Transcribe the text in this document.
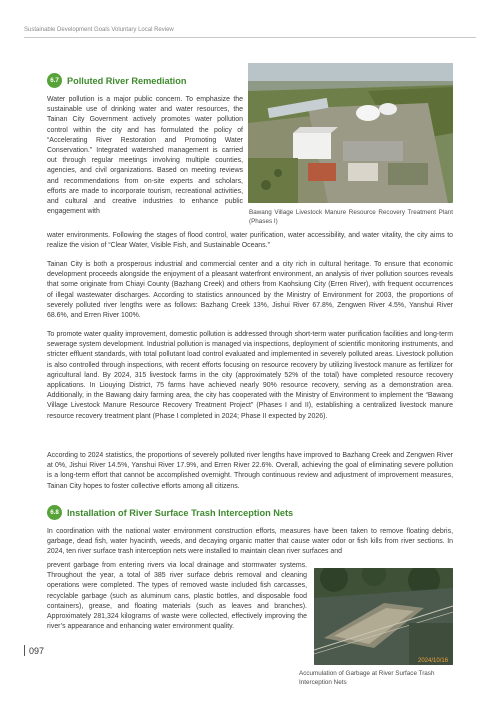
Sustainable Development Goals Voluntary Local Review
6.7 Polluted River Remediation

Water pollution is a major public concern. To emphasize the sustainable use of drinking water and water resources, the Tainan City Government actively promotes water pollution control within the city and has formulated the policy of “Accelerating River Restoration and Promoting Water Conservation.” Integrated watershed management is carried out through regular meetings involving multiple counties, agencies, and civil organizations. Based on meeting reviews and recommendations from on-site experts and scholars, efforts are made to incorporate tourism, recreational activities, and cultural and creative industries to enhance public engagement with	Bawang Village Livestock Manure Resource Recovery Treatment Plant (Phases I)

water environments. Following the stages of flood control, water purification, water accessibility, and water vitality, the city aims to realize the vision of “Clear Water, Visible Fish, and Sustainable Oceans.”

Tainan City is both a prosperous industrial and commercial center and a city rich in cultural heritage. To ensure that economic development proceeds alongside the enjoyment of a pleasant waterfront environment, an analysis of river pollution sources reveals that some originate from Chiayi County (Bazhang Creek) and others from Kaohsiung City (Erren River), with frequent occurrences of illegal wastewater discharges. According to statistics announced by the Ministry of Environment for 2003, the proportions of severely polluted river lengths were as follows: Bazhang Creek 13%, Jishui River 67.8%, Zengwen River 4.5%, Yanshui River 68.6%, and Erren River 100%.

To promote water quality improvement, domestic pollution is addressed through short-term water purification facilities and long-term sewerage system development. Industrial pollution is managed via inspections, deployment of scientific monitoring instruments, and stricter effluent standards, with total pollutant load control evaluated and implemented in severely polluted areas. Livestock pollution is also controlled through inspections, with recent efforts focusing on resource recovery by utilizing livestock manure as fertilizer for agricultural land. By 2024, 315 livestock farms in the city (approximately 52% of the total) have completed resource recovery applications. In Liouying District, 75 farms have achieved nearly 90% resource recovery, serving as a demonstration area. Additionally, in the Bawang dairy farming area, the city has cooperated with the Ministry of Environment to implement the “Bawang Village Livestock Manure Resource Recovery Treatment Project” (Phases I and II), establishing a centralized livestock manure resource recovery treatment plant (Phase I completed in 2024; Phase II expected by 2026).

According to 2024 statistics, the proportions of severely polluted river lengths have improved to Bazhang Creek and Zengwen River at 0%, Jishui River 14.5%, Yanshui River 17.9%, and Erren River 22.6%. Overall, achieving the goal of eliminating severe pollution is a long-term effort that cannot be accomplished overnight. Through continuous review and adjustment of improvement measures, Tainan City hopes to foster collective efforts among all citizens.

6.8 Installation of River Surface Trash Interception Nets

In coordination with the national water environment construction efforts, measures have been taken to remove floating debris, garbage, dead fish, water hyacinth, weeds, and decaying organic matter that cause water odor or fish kills from river sections. In 2024, ten river surface trash interception nets were installed to maintain clean river surfaces and

prevent garbage from entering rivers via local drainage and stormwater systems. Throughout the year, a total of 385 river surface debris removal and cleaning operations were completed. The types of removed waste included fish carcasses, recyclable garbage (such as aluminum cans, plastic bottles, and disposable food containers), grease, and floating materials (such as leaves and branches). Approximately 281,324 kilograms of waste were collected, effectively improving the river’s appearance and enhancing water environment quality.

2024/10/16
Accumulation of Garbage at River Surface Trash Interception Nets
097
